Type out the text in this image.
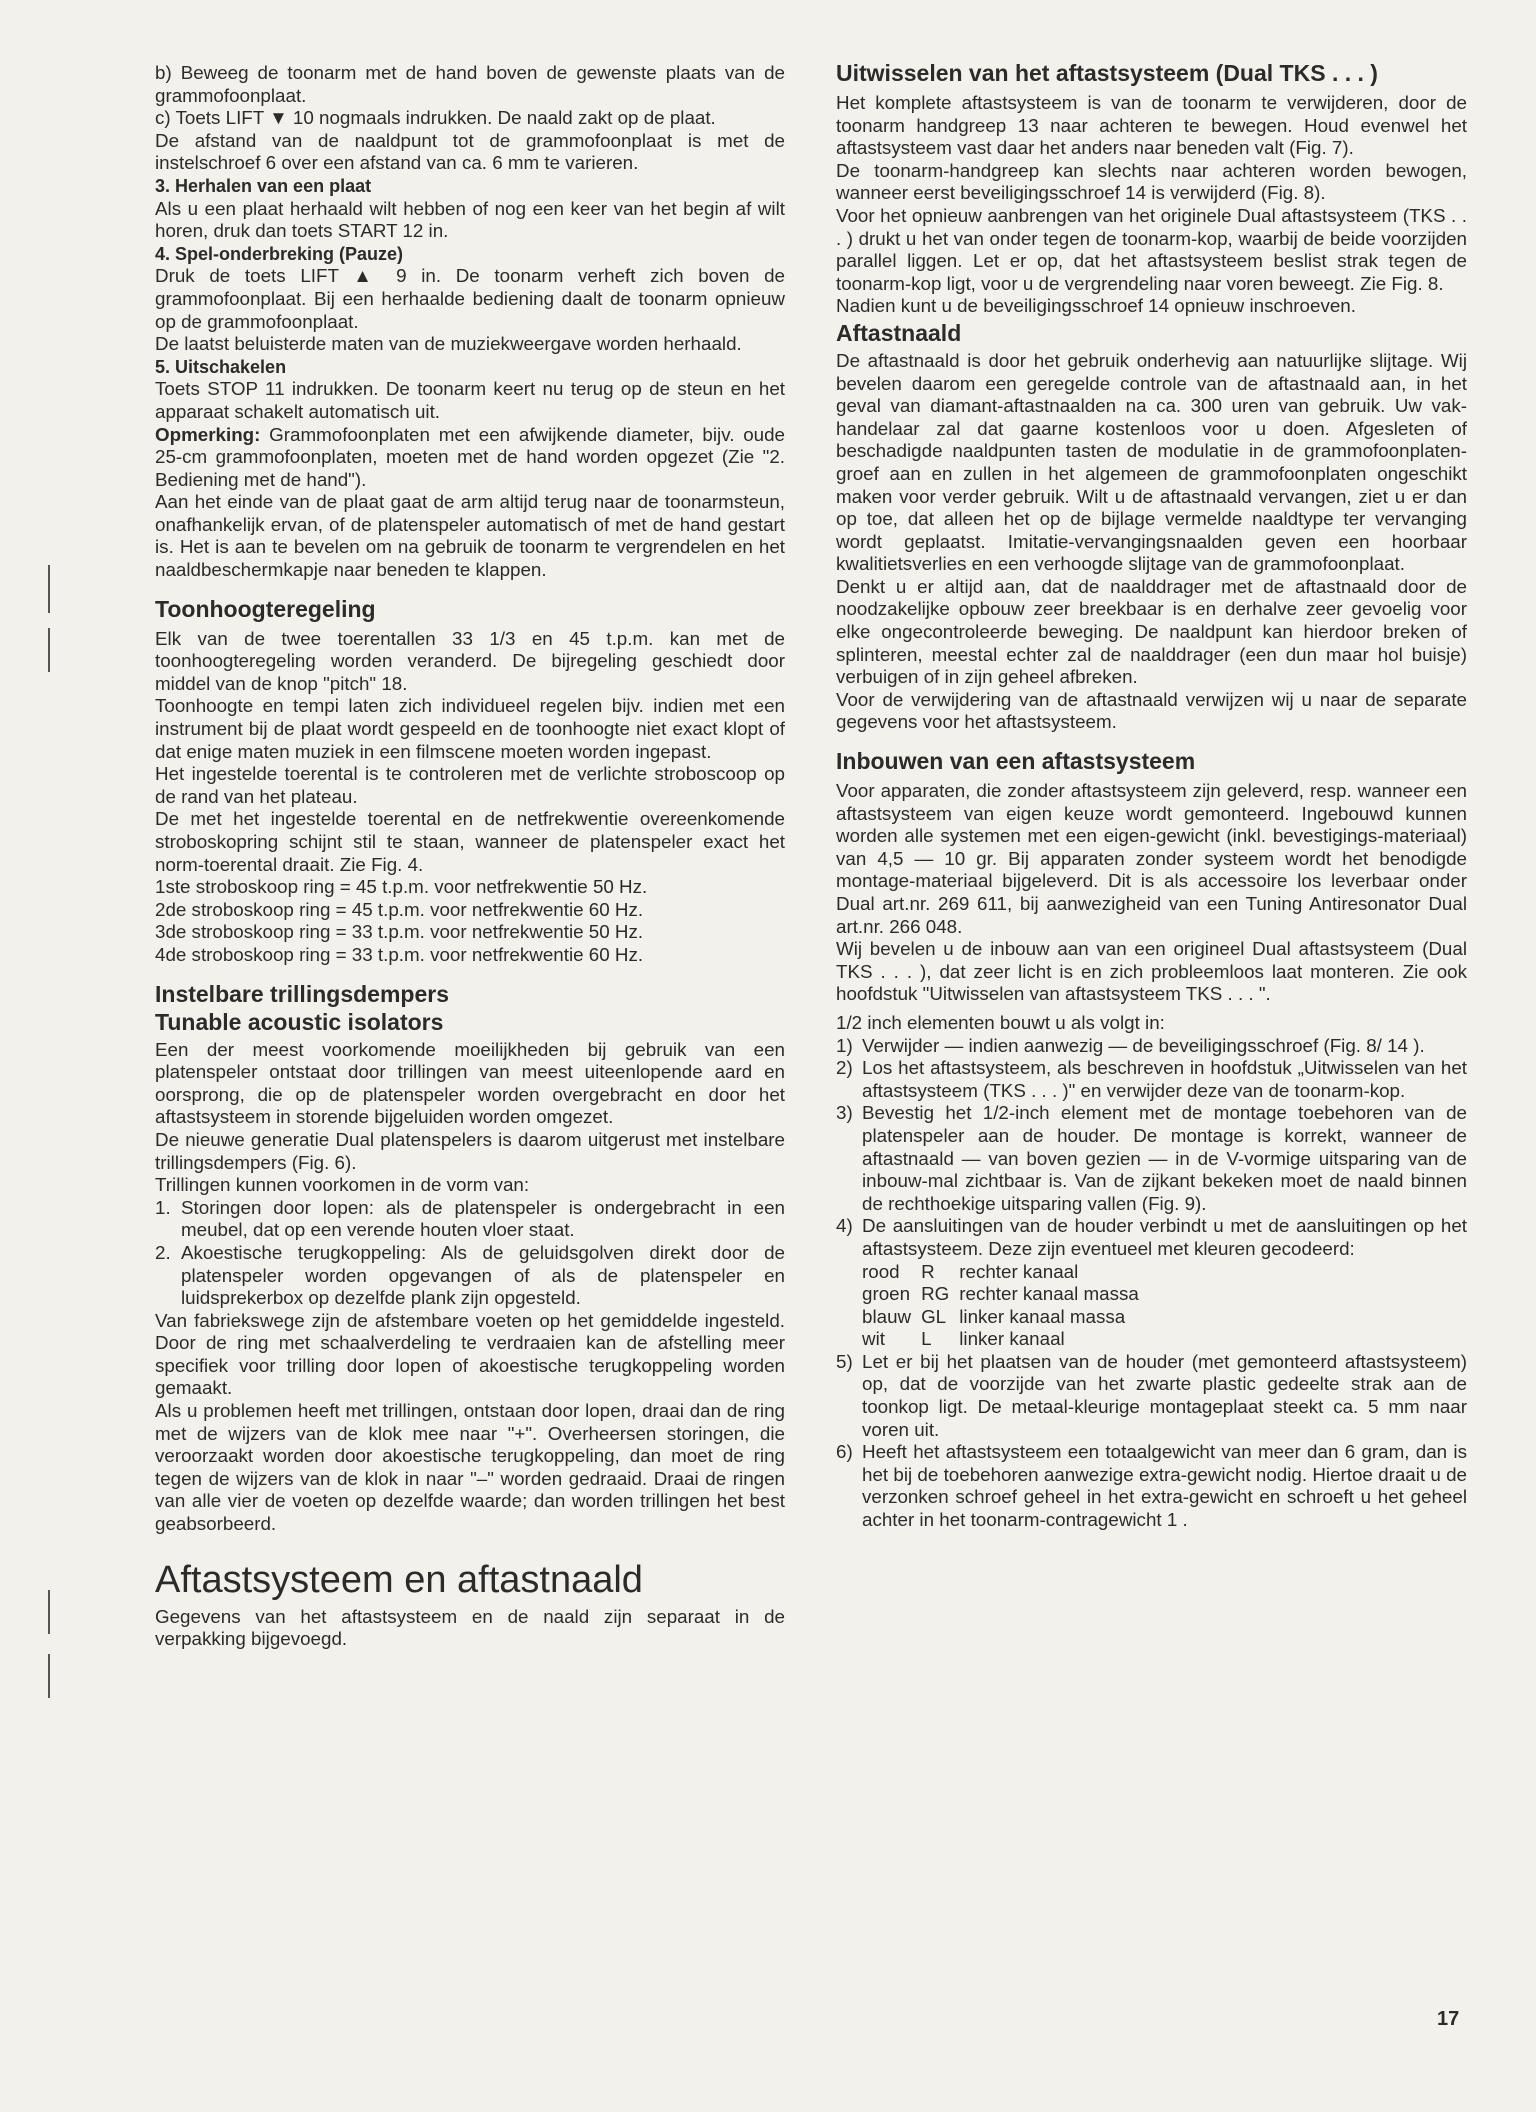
b) Beweeg de toonarm met de hand boven de gewenste plaats van de grammofoonplaat.

c) Toets LIFT ▼ 10 nogmaals indrukken. De naald zakt op de plaat.

De afstand van de naaldpunt tot de grammofoonplaat is met de instelschroef 6 over een afstand van ca. 6 mm te varieren.

3. Herhalen van een plaat

Als u een plaat herhaald wilt hebben of nog een keer van het begin af wilt horen, druk dan toets START 12 in.

4. Spel-onderbreking (Pauze)

Druk de toets LIFT ▲ 9 in. De toonarm verheft zich boven de grammofoonplaat. Bij een herhaalde bediening daalt de toonarm opnieuw op de grammofoonplaat.

De laatst beluisterde maten van de muziekweergave worden herhaald.

5. Uitschakelen

Toets STOP 11 indrukken. De toonarm keert nu terug op de steun en het apparaat schakelt automatisch uit.

Opmerking: Grammofoonplaten met een afwijkende diameter, bijv. oude 25-cm grammofoonplaten, moeten met de hand worden opgezet (Zie "2. Bediening met de hand").

Aan het einde van de plaat gaat de arm altijd terug naar de toonarmsteun, onafhankelijk ervan, of de platenspeler automatisch of met de hand gestart is. Het is aan te bevelen om na gebruik de toonarm te vergrendelen en het naaldbeschermkapje naar beneden te klappen.

Toonhoogteregeling

Elk van de twee toerentallen 33 1/3 en 45 t.p.m. kan met de toonhoogteregeling worden veranderd. De bijregeling geschiedt door middel van de knop "pitch" 18.

Toonhoogte en tempi laten zich individueel regelen bijv. indien met een instrument bij de plaat wordt gespeeld en de toonhoogte niet exact klopt of dat enige maten muziek in een filmscene moeten worden ingepast.

Het ingestelde toerental is te controleren met de verlichte stroboscoop op de rand van het plateau.

De met het ingestelde toerental en de netfrekwentie overeenkomende stroboskopring schijnt stil te staan, wanneer de platenspeler exact het norm-toerental draait. Zie Fig. 4.

1ste stroboskoop ring = 45 t.p.m. voor netfrekwentie 50 Hz.

2de stroboskoop ring = 45 t.p.m. voor netfrekwentie 60 Hz.

3de stroboskoop ring = 33 t.p.m. voor netfrekwentie 50 Hz.

4de stroboskoop ring = 33 t.p.m. voor netfrekwentie 60 Hz.

Instelbare trillingsdempers
Tunable acoustic isolators

Een der meest voorkomende moeilijkheden bij gebruik van een platenspeler ontstaat door trillingen van meest uiteenlopende aard en oorsprong, die op de platenspeler worden overgebracht en door het aftastsysteem in storende bijgeluiden worden omgezet.

De nieuwe generatie Dual platenspelers is daarom uitgerust met instelbare trillingsdempers (Fig. 6).

Trillingen kunnen voorkomen in de vorm van:

1. Storingen door lopen: als de platenspeler is ondergebracht in een meubel, dat op een verende houten vloer staat.
2. Akoestische terugkoppeling: Als de geluidsgolven direkt door de platenspeler worden opgevangen of als de platenspeler en luidsprekerbox op dezelfde plank zijn opgesteld.

Van fabriekswege zijn de afstembare voeten op het gemiddelde ingesteld. Door de ring met schaalverdeling te verdraaien kan de afstelling meer specifiek voor trilling door lopen of akoestische terugkoppeling worden gemaakt.

Als u problemen heeft met trillingen, ontstaan door lopen, draai dan de ring met de wijzers van de klok mee naar "+". Overheersen storingen, die veroorzaakt worden door akoestische terugkoppeling, dan moet de ring tegen de wijzers van de klok in naar "–" worden gedraaid. Draai de ringen van alle vier de voeten op dezelfde waarde; dan worden trillingen het best geabsorbeerd.

Aftastsysteem en aftastnaald

Gegevens van het aftastsysteem en de naald zijn separaat in de verpakking bijgevoegd.

Uitwisselen van het aftastsysteem (Dual TKS . . . )

Het komplete aftastsysteem is van de toonarm te verwijderen, door de toonarm handgreep 13 naar achteren te bewegen. Houd evenwel het aftastsysteem vast daar het anders naar beneden valt (Fig. 7).

De toonarm-handgreep kan slechts naar achteren worden bewogen, wanneer eerst beveiligingsschroef 14 is verwijderd (Fig. 8).

Voor het opnieuw aanbrengen van het originele Dual aftastsysteem (TKS . . . ) drukt u het van onder tegen de toonarm-kop, waarbij de beide voorzijden parallel liggen. Let er op, dat het aftastsysteem beslist strak tegen de toonarm-kop ligt, voor u de vergrendeling naar voren beweegt. Zie Fig. 8.

Nadien kunt u de beveiligingsschroef 14 opnieuw inschroeven.

Aftastnaald

De aftastnaald is door het gebruik onderhevig aan natuurlijke slijtage. Wij bevelen daarom een geregelde controle van de aftastnaald aan, in het geval van diamant-aftastnaalden na ca. 300 uren van gebruik. Uw vak-handelaar zal dat gaarne kostenloos voor u doen. Afgesleten of beschadigde naaldpunten tasten de modulatie in de grammofoonplaten-groef aan en zullen in het algemeen de grammofoonplaten ongeschikt maken voor verder gebruik. Wilt u de aftastnaald vervangen, ziet u er dan op toe, dat alleen het op de bijlage vermelde naaldtype ter vervanging wordt geplaatst. Imitatie-vervangingsnaalden geven een hoorbaar kwalitietsverlies en een verhoogde slijtage van de grammofoonplaat.

Denkt u er altijd aan, dat de naalddrager met de aftastnaald door de noodzakelijke opbouw zeer breekbaar is en derhalve zeer gevoelig voor elke ongecontroleerde beweging. De naaldpunt kan hierdoor breken of splinteren, meestal echter zal de naalddrager (een dun maar hol buisje) verbuigen of in zijn geheel afbreken.

Voor de verwijdering van de aftastnaald verwijzen wij u naar de separate gegevens voor het aftastsysteem.

Inbouwen van een aftastsysteem

Voor apparaten, die zonder aftastsysteem zijn geleverd, resp. wanneer een aftastsysteem van eigen keuze wordt gemonteerd. Ingebouwd kunnen worden alle systemen met een eigen-gewicht (inkl. bevestigings-materiaal) van 4,5 — 10 gr. Bij apparaten zonder systeem wordt het benodigde montage-materiaal bijgeleverd. Dit is als accessoire los leverbaar onder Dual art.nr. 269 611, bij aanwezigheid van een Tuning Antiresonator Dual art.nr. 266 048.

Wij bevelen u de inbouw aan van een origineel Dual aftastsysteem (Dual TKS . . . ), dat zeer licht is en zich probleemloos laat monteren. Zie ook hoofdstuk "Uitwisselen van aftastsysteem TKS . . . ".

1/2 inch elementen bouwt u als volgt in:

1) Verwijder — indien aanwezig — de beveiligingsschroef (Fig. 8/ 14 ).
2) Los het aftastsysteem, als beschreven in hoofdstuk „Uitwisselen van het aftastsysteem (TKS . . . )" en verwijder deze van de toonarm-kop.
3) Bevestig het 1/2-inch element met de montage toebehoren van de platenspeler aan de houder. De montage is korrekt, wanneer de aftastnaald — van boven gezien — in de V-vormige uitsparing van de inbouw-mal zichtbaar is. Van de zijkant bekeken moet de naald binnen de rechthoekige uitsparing vallen (Fig. 9).
4) De aansluitingen van de houder verbindt u met de aansluitingen op het aftastsysteem. Deze zijn eventueel met kleuren gecodeerd:
rood	R	rechter kanaal
groen	RG	rechter kanaal massa
blauw	GL	linker kanaal massa
wit	L	linker kanaal
5) Let er bij het plaatsen van de houder (met gemonteerd aftastsysteem) op, dat de voorzijde van het zwarte plastic gedeelte strak aan de toonkop ligt. De metaal-kleurige montageplaat steekt ca. 5 mm naar voren uit.
6) Heeft het aftastsysteem een totaalgewicht van meer dan 6 gram, dan is het bij de toebehoren aanwezige extra-gewicht nodig. Hiertoe draait u de verzonken schroef geheel in het extra-gewicht en schroeft u het geheel achter in het toonarm-contragewicht 1 .
17
